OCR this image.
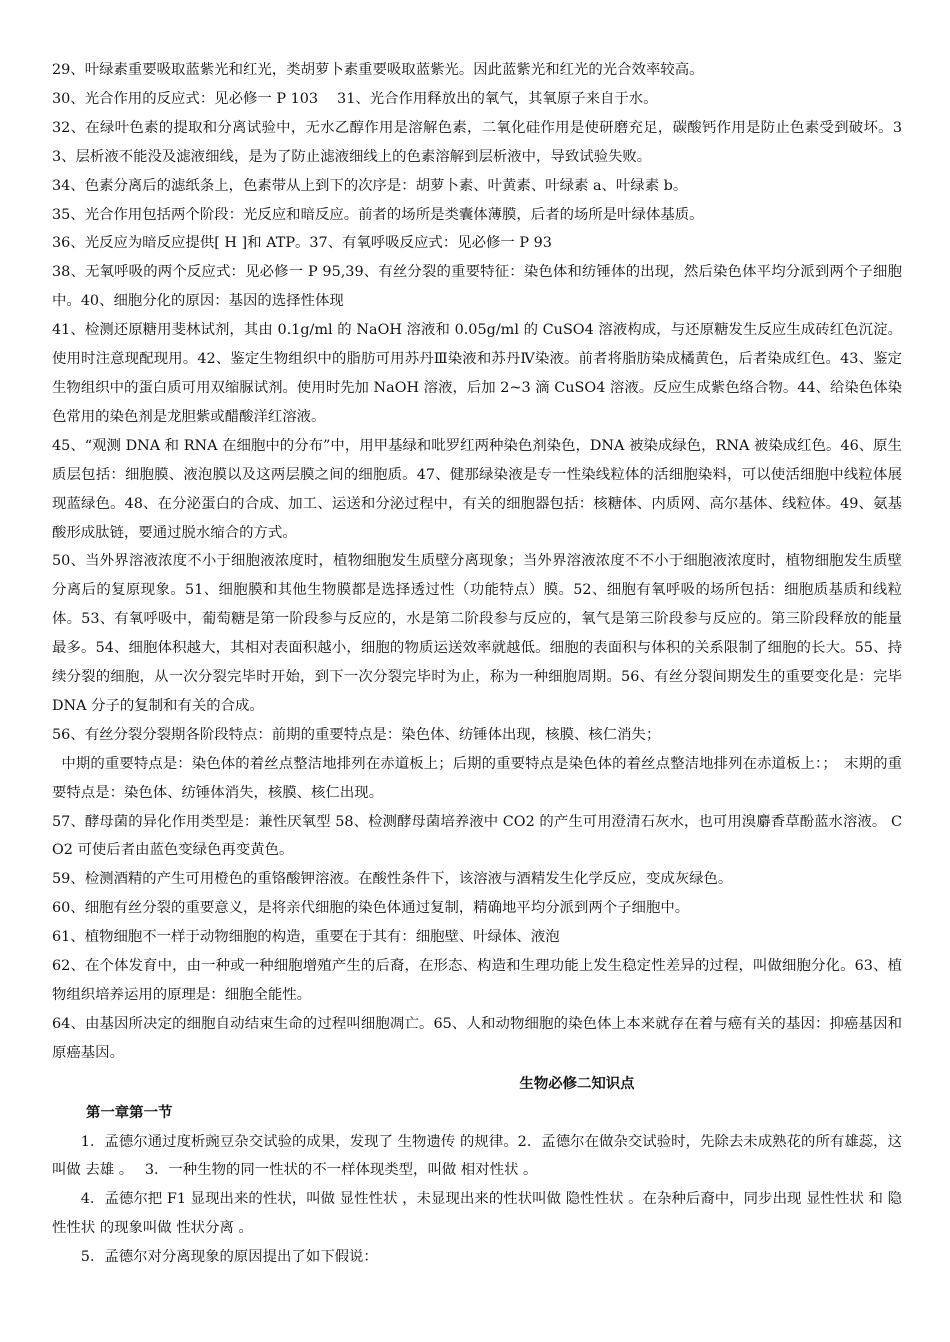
29、叶绿素重要吸取蓝紫光和红光，类胡萝卜素重要吸取蓝紫光。因此蓝紫光和红光的光合效率较高。

30、光合作用的反应式：见必修一 P 103　 31、光合作用释放出的氧气，其氧原子来自于水。

32、在绿叶色素的提取和分离试验中，无水乙醇作用是溶解色素，二氧化硅作用是使研磨充足，碳酸钙作用是防止色素受到破坏。33、层析液不能没及滤液细线，是为了防止滤液细线上的色素溶解到层析液中，导致试验失败。

34、色素分离后的滤纸条上，色素带从上到下的次序是：胡萝卜素、叶黄素、叶绿素 a、叶绿素 b。

35、光合作用包括两个阶段：光反应和暗反应。前者的场所是类囊体薄膜，后者的场所是叶绿体基质。

36、光反应为暗反应提供[ H ]和 ATP。37、有氧呼吸反应式：见必修一 P 93

38、无氧呼吸的两个反应式：见必修一 P 95,39、有丝分裂的重要特征：染色体和纺锤体的出现，然后染色体平均分派到两个子细胞中。40、细胞分化的原因：基因的选择性体现

41、检测还原糖用斐林试剂，其由 0.1g/ml 的 NaOH 溶液和 0.05g/ml 的 CuSO4 溶液构成，与还原糖发生反应生成砖红色沉淀。使用时注意现配现用。42、鉴定生物组织中的脂肪可用苏丹Ⅲ染液和苏丹Ⅳ染液。前者将脂肪染成橘黄色，后者染成红色。43、鉴定生物组织中的蛋白质可用双缩脲试剂。使用时先加 NaOH 溶液，后加 2~3 滴 CuSO4 溶液。反应生成紫色络合物。44、给染色体染色常用的染色剂是龙胆紫或醋酸洋红溶液。

45、“观测 DNA 和 RNA 在细胞中的分布”中，用甲基绿和吡罗红两种染色剂染色，DNA 被染成绿色，RNA 被染成红色。46、原生质层包括：细胞膜、液泡膜以及这两层膜之间的细胞质。47、健那绿染液是专一性染线粒体的活细胞染料，可以使活细胞中线粒体展现蓝绿色。48、在分泌蛋白的合成、加工、运送和分泌过程中，有关的细胞器包括：核糖体、内质网、高尔基体、线粒体。49、氨基酸形成肽链，要通过脱水缩合的方式。

50、当外界溶液浓度不小于细胞液浓度时，植物细胞发生质壁分离现象；当外界溶液浓度不不小于细胞液浓度时，植物细胞发生质壁分离后的复原现象。51、细胞膜和其他生物膜都是选择透过性（功能特点）膜。52、细胞有氧呼吸的场所包括：细胞质基质和线粒体。53、有氧呼吸中，葡萄糖是第一阶段参与反应的，水是第二阶段参与反应的，氧气是第三阶段参与反应的。第三阶段释放的能量最多。54、细胞体积越大，其相对表面积越小，细胞的物质运送效率就越低。细胞的表面积与体积的关系限制了细胞的长大。55、持续分裂的细胞，从一次分裂完毕时开始，到下一次分裂完毕时为止，称为一种细胞周期。56、有丝分裂间期发生的重要变化是：完毕 DNA 分子的复制和有关的合成。

56、有丝分裂分裂期各阶段特点：前期的重要特点是：染色体、纺锤体出现，核膜、核仁消失；

中期的重要特点是：染色体的着丝点整洁地排列在赤道板上；后期的重要特点是染色体的着丝点整洁地排列在赤道板上：；　末期的重要特点是：染色体、纺锤体消失，核膜、核仁出现。

57、酵母菌的异化作用类型是：兼性厌氧型 58、检测酵母菌培养液中 CO2 的产生可用澄清石灰水，也可用溴麝香草酚蓝水溶液。 CO2 可使后者由蓝色变绿色再变黄色。

59、检测酒精的产生可用橙色的重铬酸钾溶液。在酸性条件下，该溶液与酒精发生化学反应，变成灰绿色。

60、细胞有丝分裂的重要意义，是将亲代细胞的染色体通过复制，精确地平均分派到两个子细胞中。

61、植物细胞不一样于动物细胞的构造，重要在于其有：细胞壁、叶绿体、液泡

62、在个体发育中，由一种或一种细胞增殖产生的后裔，在形态、构造和生理功能上发生稳定性差异的过程，叫做细胞分化。63、植物组织培养运用的原理是：细胞全能性。

64、由基因所决定的细胞自动结束生命的过程叫细胞凋亡。65、人和动物细胞的染色体上本来就存在着与癌有关的基因：抑癌基因和原癌基因。

生物必修二知识点

第一章第一节

1．孟德尔通过度析豌豆杂交试验的成果，发现了 生物遗传 的规律。2．孟德尔在做杂交试验时，先除去未成熟花的所有雄蕊，这叫做 去雄 。　 3．一种生物的同一性状的不一样体现类型，叫做 相对性状 。

4．孟德尔把 F1 显现出来的性状，叫做 显性性状 ，未显现出来的性状叫做 隐性性状 。在杂种后裔中，同步出现 显性性状 和 隐性性状 的现象叫做 性状分离 。

5．孟德尔对分离现象的原因提出了如下假说：
